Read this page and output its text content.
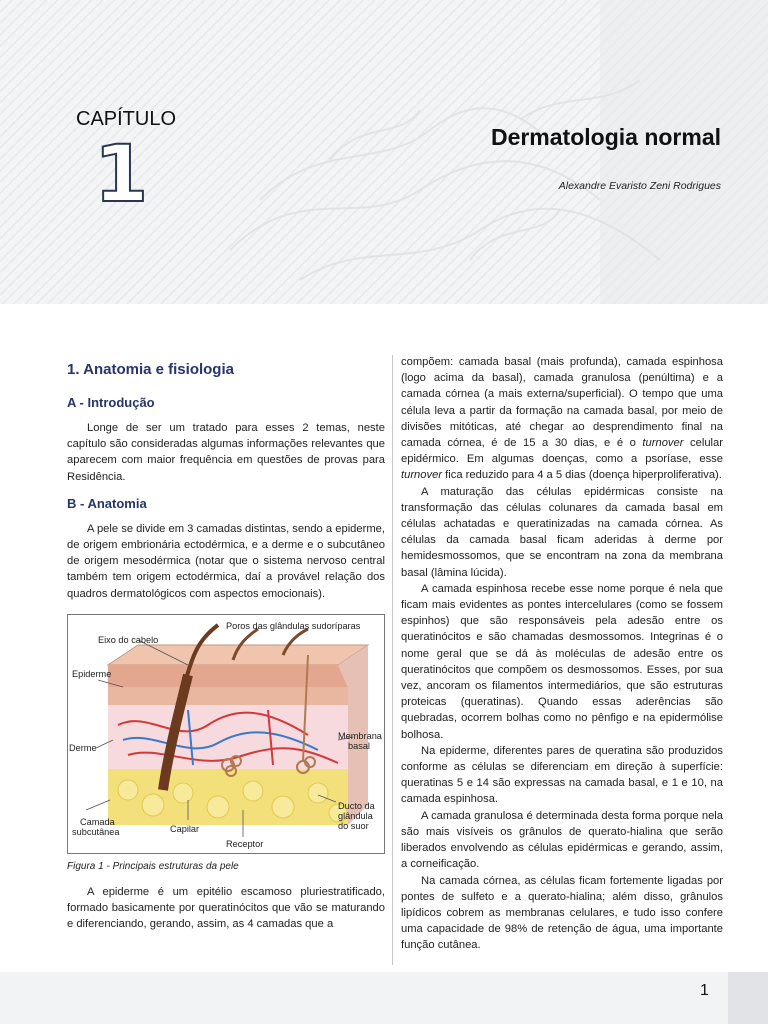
CAPÍTULO
1	Dermatologia normal
Alexandre Evaristo Zeni Rodrigues
1. Anatomia e fisiologia
A - Introdução

Longe de ser um tratado para esses 2 temas, neste capítulo são consideradas algumas informações relevantes que aparecem com maior frequência em questões de provas para Residência.

B - Anatomia

A pele se divide em 3 camadas distintas, sendo a epiderme, de origem embrionária ectodérmica, e a derme e o subcutâneo de origem mesodérmica (notar que o sistema nervoso central também tem origem ectodérmica, daí a provável relação dos quadros dermatológicos com aspectos emocionais).

Poros das glândulas sudoríparas
Eixo do cabelo
Epiderme
Derme
Membrana
basal
Ducto da
glândula
do suor
Camada
subcutânea	Capilar
Receptor
Figura 1 - Principais estruturas da pele

A epiderme é um epitélio escamoso pluriestratificado, formado basicamente por queratinócitos que vão se maturando e diferenciando, gerando, assim, as 4 camadas que a

compõem: camada basal (mais profunda), camada espinhosa (logo acima da basal), camada granulosa (penúltima) e a camada córnea (a mais externa/superficial). O tempo que uma célula leva a partir da formação na camada basal, por meio de divisões mitóticas, até chegar ao desprendimento final na camada córnea, é de 15 a 30 dias, e é o turnover celular epidérmico. Em algumas doenças, como a psoríase, esse turnover fica reduzido para 4 a 5 dias (doença hiperproliferativa).

A maturação das células epidérmicas consiste na transformação das células colunares da camada basal em células achatadas e queratinizadas na camada córnea. As células da camada basal ficam aderidas à derme por hemidesmossomos, que se encontram na zona da membrana basal (lâmina lúcida).

A camada espinhosa recebe esse nome porque é nela que ficam mais evidentes as pontes intercelulares (como se fossem espinhos) que são responsáveis pela adesão entre os queratinócitos e são chamadas desmossomos. Integrinas é o nome geral que se dá às moléculas de adesão entre os queratinócitos que compõem os desmossomos. Esses, por sua vez, ancoram os filamentos intermediários, que são estruturas proteicas (queratinas). Quando essas aderências são quebradas, ocorrem bolhas como no pênfigo e na epidermólise bolhosa.

Na epiderme, diferentes pares de queratina são produzidos conforme as células se diferenciam em direção à superfície: queratinas 5 e 14 são expressas na camada basal, e 1 e 10, na camada espinhosa.

A camada granulosa é determinada desta forma porque nela são mais visíveis os grânulos de querato-hialina que serão liberados envolvendo as células epidérmicas e gerando, assim, a corneificação.

Na camada córnea, as células ficam fortemente ligadas por pontes de sulfeto e a querato-hialina; além disso, grânulos lipídicos cobrem as membranas celulares, e tudo isso confere uma capacidade de 98% de retenção de água, uma importante função cutânea.

1
